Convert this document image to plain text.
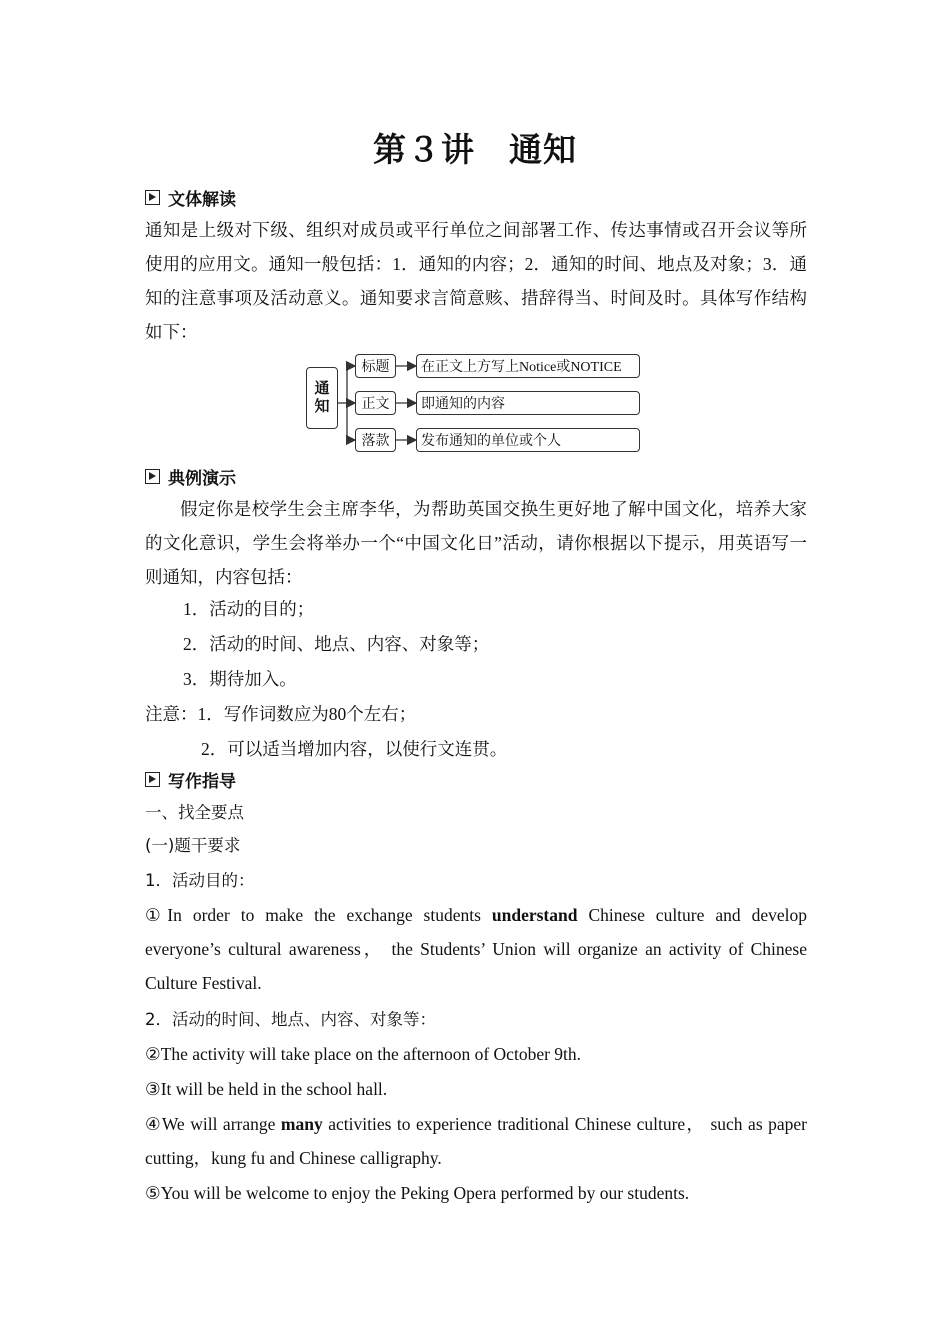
第３讲　通知
文体解读
通知是上级对下级、组织对成员或平行单位之间部署工作、传达事情或召开会议等所使用的应用文。通知一般包括：1．通知的内容；2．通知的时间、地点及对象；3．通知的注意事项及活动意义。通知要求言简意赅、措辞得当、时间及时。具体写作结构如下：
通
知
标题	在正文上方写上Notice或NOTICE
正文	即通知的内容
落款	发布通知的单位或个人
典例演示
假定你是校学生会主席李华，为帮助英国交换生更好地了解中国文化，培养大家的文化意识，学生会将举办一个“中国文化日”活动，请你根据以下提示，用英语写一则通知，内容包括：
1．活动的目的；
2．活动的时间、地点、内容、对象等；
3．期待加入。
注意：1．写作词数应为80个左右；
2．可以适当增加内容，以使行文连贯。
写作指导
一、找全要点
(一)题干要求
1．活动目的：
①In order to make the exchange students understand Chinese culture and develop everyone’s cultural awareness， the Students’ Union will organize an activity of Chinese Culture Festival.
2．活动的时间、地点、内容、对象等：
②The activity will take place on the afternoon of October 9th.
③It will be held in the school hall.
④We will arrange many activities to experience traditional Chinese culture， such as paper cutting，kung fu and Chinese calligraphy.
⑤You will be welcome to enjoy the Peking Opera performed by our students.
